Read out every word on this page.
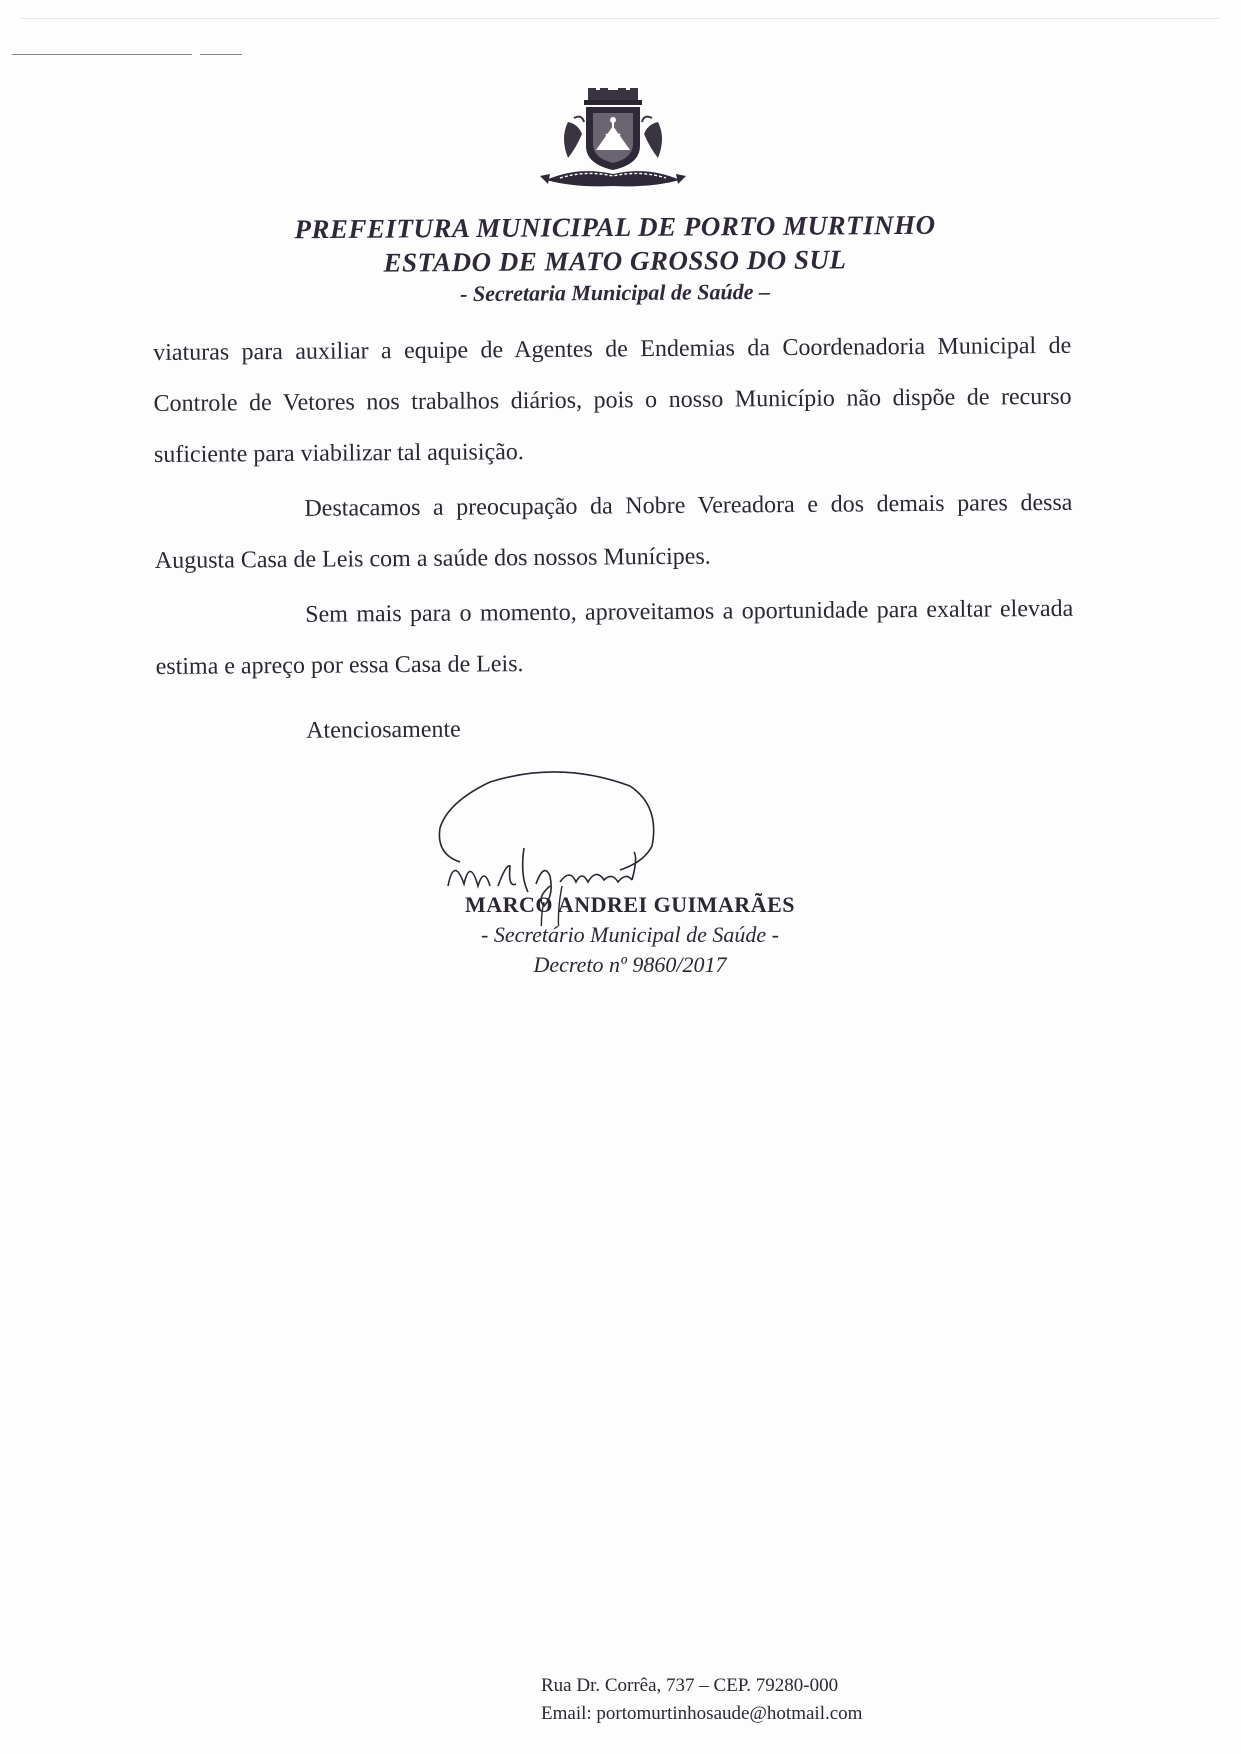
PREFEITURA MUNICIPAL DE PORTO MURTINHO
ESTADO DE MATO GROSSO DO SUL
- Secretaria Municipal de Saúde –

viaturas para auxiliar a equipe de Agentes de Endemias da Coordenadoria Municipal de Controle de Vetores nos trabalhos diários, pois o nosso Município não dispõe de recurso suficiente para viabilizar tal aquisição.

Destacamos a preocupação da Nobre Vereadora e dos demais pares dessa Augusta Casa de Leis com a saúde dos nossos Munícipes.

Sem mais para o momento, aproveitamos a oportunidade para exaltar elevada estima e apreço por essa Casa de Leis.

Atenciosamente

MARCO ANDREI GUIMARÃES
- Secretário Municipal de Saúde -
Decreto nº 9860/2017
Rua Dr. Corrêa, 737 – CEP. 79280-000
Email: portomurtinhosaude@hotmail.com
